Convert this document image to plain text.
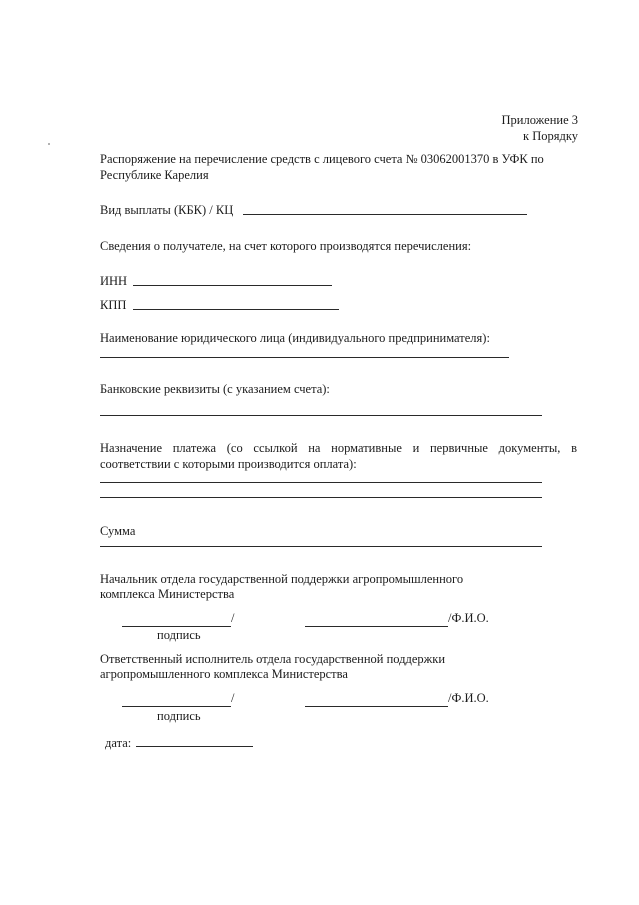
Приложение 3
к Порядку
Распоряжение на перечисление средств с лицевого счета № 03062001370 в УФК по
Республике Карелия
Вид выплаты (КБК) / КЦ
Сведения о получателе, на счет которого производятся перечисления:
ИНН
КПП
Наименование юридического лица (индивидуального предпринимателя):
Банковские реквизиты (с указанием счета):
Назначение платежа (со ссылкой на нормативные и первичные документы, в
соответствии с которыми производится оплата):
Сумма
Начальник отдела государственной поддержки агропромышленного
комплекса Министерства
/	/Ф.И.О.
подпись
Ответственный исполнитель отдела государственной поддержки
агропромышленного комплекса Министерства
/	/Ф.И.О.
подпись
дата:
